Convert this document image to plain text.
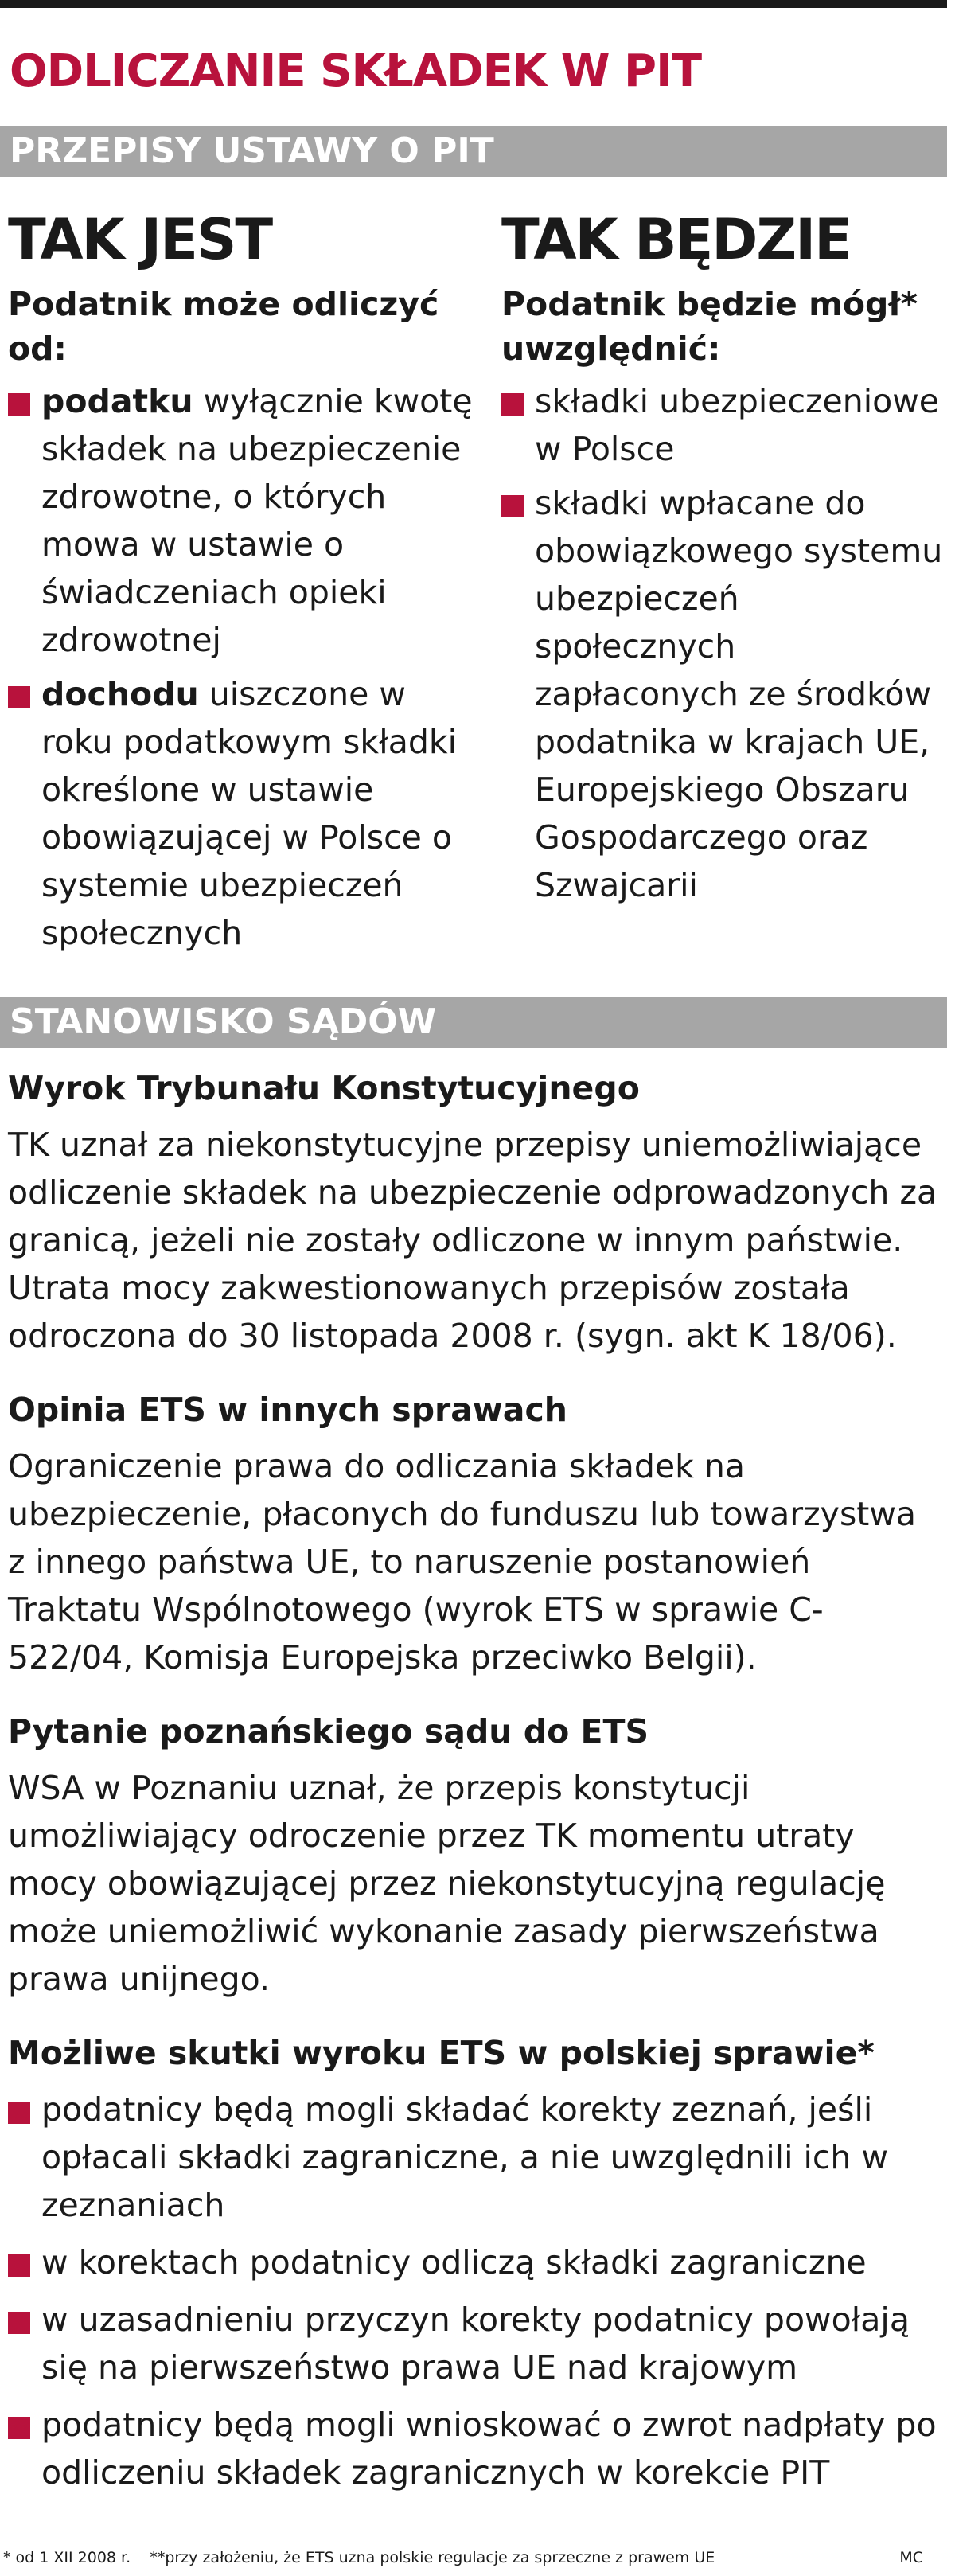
ODLICZANIE SKŁADEK W PIT
PRZEPISY USTAWY O PIT
TAK JEST
Podatnik może odliczyć od:
podatku wyłącznie kwotę składek na ubezpieczenie zdrowotne, o których mowa w ustawie o świadczeniach opieki zdrowotnej
dochodu uiszczone w roku podatkowym składki określone w ustawie obowiązującej w Polsce o systemie ubezpieczeń społecznych
TAK BĘDZIE
Podatnik będzie mógł* uwzględnić:
składki ubezpieczeniowe w Polsce
składki wpłacane do obowiązkowego systemu ubezpieczeń społecznych zapłaconych ze środków podatnika w krajach UE, Europejskiego Obszaru Gospodarczego oraz Szwajcarii
STANOWISKO SĄDÓW
Wyrok Trybunału Konstytucyjnego
TK uznał za niekonstytucyjne przepisy uniemożliwiające odliczenie składek na ubezpieczenie odprowadzonych za granicą, jeżeli nie zostały odliczone w innym państwie. Utrata mocy zakwestionowanych przepisów została odroczona do 30 listopada 2008 r. (sygn. akt K 18/06).
Opinia ETS w innych sprawach
Ograniczenie prawa do odliczania składek na ubezpieczenie, płaconych do funduszu lub towarzystwa z innego państwa UE, to naruszenie postanowień Traktatu Wspólnotowego (wyrok ETS w sprawie C-522/04, Komisja Europejska przeciwko Belgii).
Pytanie poznańskiego sądu do ETS
WSA w Poznaniu uznał, że przepis konstytucji umożliwiający odroczenie przez TK momentu utraty mocy obowiązującej przez niekonstytucyjną regulację może uniemożliwić wykonanie zasady pierwszeństwa prawa unijnego.
Możliwe skutki wyroku ETS w polskiej sprawie*
podatnicy będą mogli składać korekty zeznań, jeśli opłacali składki zagraniczne, a nie uwzględnili ich w zeznaniach
w korektach podatnicy odliczą składki zagraniczne
w uzasadnieniu przyczyn korekty podatnicy powołają się na pierwszeństwo prawa UE nad krajowym
podatnicy będą mogli wnioskować o zwrot nadpłaty po odliczeniu składek zagranicznych w korekcie PIT
* od 1 XII 2008 r.    **przy założeniu, że ETS uzna polskie regulacje za sprzeczne z prawem UE	MC
